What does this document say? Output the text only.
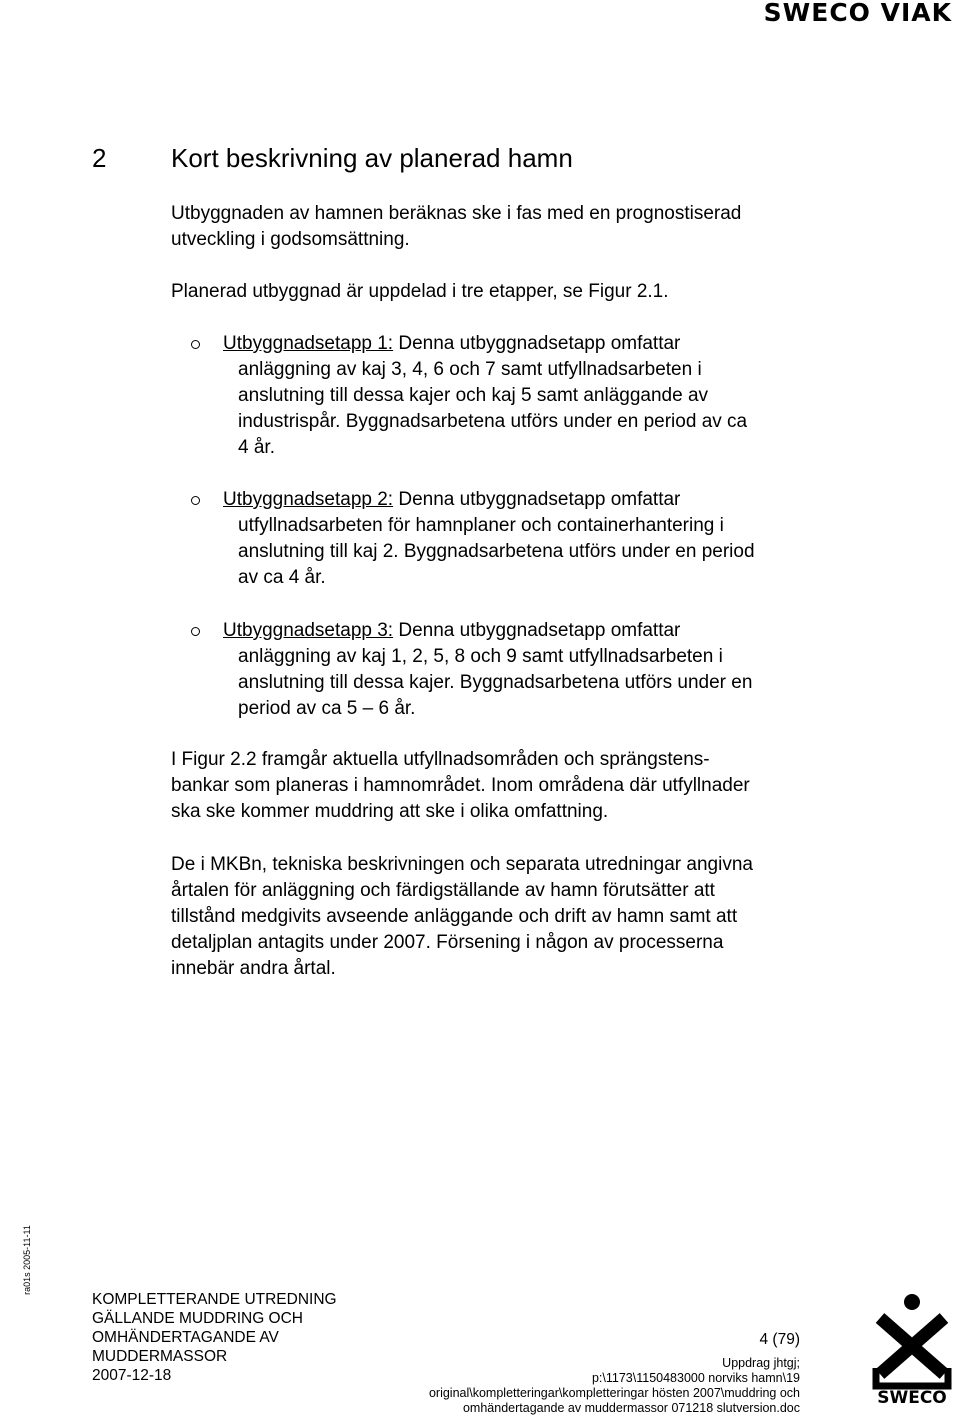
SWECO VIAK
2 Kort beskrivning av planerad hamn
Utbyggnaden av hamnen beräknas ske i fas med en prognostiserad
utveckling i godsomsättning.
Planerad utbyggnad är uppdelad i tre etapper, se Figur 2.1.
Utbyggnadsetapp 1: Denna utbyggnadsetapp omfattar
anläggning av kaj 3, 4, 6 och 7 samt utfyllnadsarbeten i
anslutning till dessa kajer och kaj 5 samt anläggande av
industrispår. Byggnadsarbetena utförs under en period av ca
4 år.
Utbyggnadsetapp 2: Denna utbyggnadsetapp omfattar
utfyllnadsarbeten för hamnplaner och containerhantering i
anslutning till kaj 2. Byggnadsarbetena utförs under en period
av ca 4 år.
Utbyggnadsetapp 3: Denna utbyggnadsetapp omfattar
anläggning av kaj 1, 2, 5, 8 och 9 samt utfyllnadsarbeten i
anslutning till dessa kajer. Byggnadsarbetena utförs under en
period av ca 5 – 6 år.
I Figur 2.2 framgår aktuella utfyllnadsområden och sprängstens-
bankar som planeras i hamnområdet. Inom områdena där utfyllnader
ska ske kommer muddring att ske i olika omfattning.
De i MKBn, tekniska beskrivningen och separata utredningar angivna
årtalen för anläggning och färdigställande av hamn förutsätter att
tillstånd medgivits avseende anläggande och drift av hamn samt att
detaljplan antagits under 2007. Försening i någon av processerna
innebär andra årtal.
ra01s 2005-11-11
KOMPLETTERANDE UTREDNING
GÄLLANDE MUDDRING OCH
OMHÄNDERTAGANDE AV
MUDDERMASSOR
2007-12-18
4 (79)
Uppdrag jhtgj;
p:\1173\1150483000 norviks hamn\19
original\kompletteringar\kompletteringar hösten 2007\muddring och
omhändertagande av muddermassor 071218 slutversion.doc	SWECO
